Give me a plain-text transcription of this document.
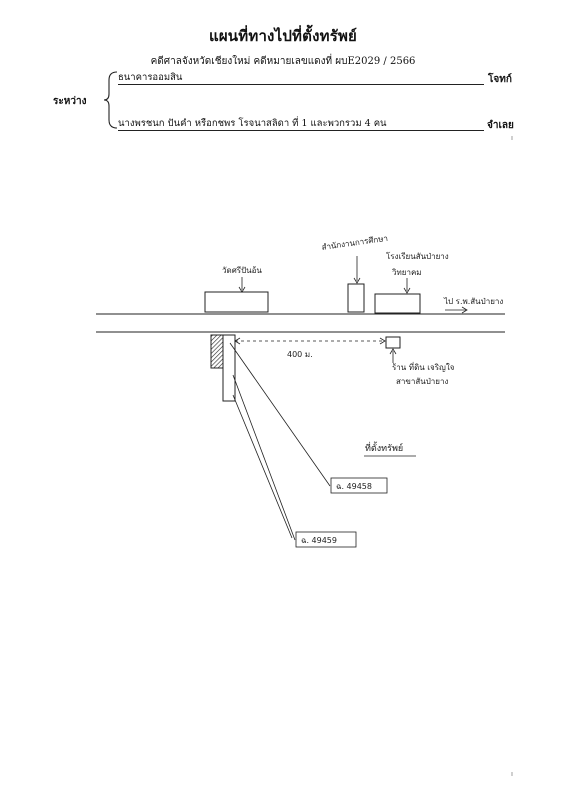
แผนที่ทางไปที่ตั้งทรัพย์
คดีศาลจังหวัดเชียงใหม่ คดีหมายเลขแดงที่ ผบE2029 / 2566
ระหว่าง
ธนาคารออมสิน	โจทก์
นางพรชนก ปันคำ หรือกชพร โรจนาสลิดา ที่ 1 และพวกรวม 4 คน	จำเลย
วัดศรีปันอ้น
สำนักงานการศึกษา
โรงเรียนสันป่ายาง
วิทยาคม
ไป ร.พ.สันป่ายาง
400 ม.
ร้าน ที่ดิน เจริญใจ
สาขาสันป่ายาง
ที่ตั้งทรัพย์
ฉ. 49458
ฉ. 49459
